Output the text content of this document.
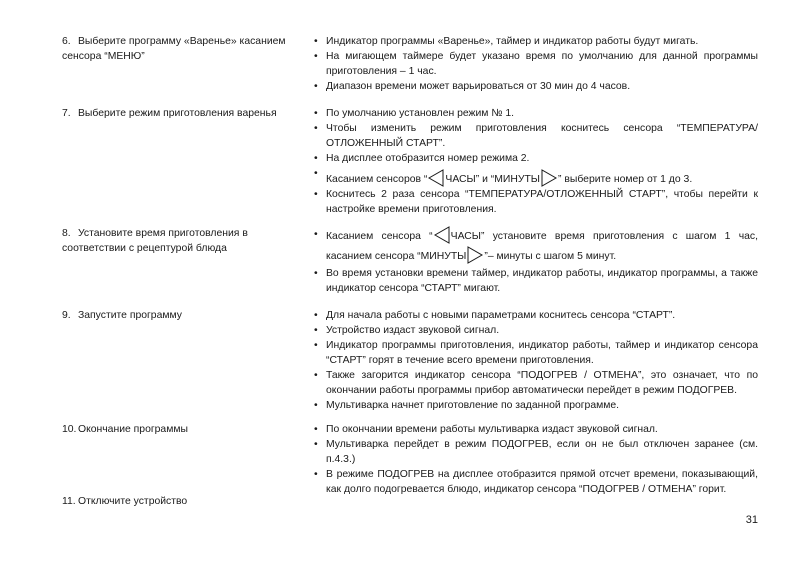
6. Выберите программу «Варенье» касанием сенсора “МЕНЮ”
• Индикатор программы «Варенье», таймер и индикатор работы будут мигать.
• На мигающем таймере будет указано время по умолчанию для данной программы приготовления – 1 час.
• Диапазон времени может варьироваться от 30 мин до 4 часов.
7. Выберите режим приготовления варенья	• По умолчанию установлен режим № 1.
• Чтобы изменить режим приготовления коснитесь сенсора “ТЕМПЕРАТУРА/ОТЛОЖЕННЫЙ СТАРТ”.
• На дисплее отобразится номер режима 2.
• Касанием сенсоров “ ЧАСЫ” и “МИНУТЫ ” выберите номер от 1 до 3.
• Коснитесь 2 раза сенсора “ТЕМПЕРАТУРА/ОТЛОЖЕННЫЙ СТАРТ”, чтобы перейти к настройке времени приготовления.
8. Установите время приготовления в соответствии с рецептурой блюда
• Касанием сенсора “ ЧАСЫ” установите время приготовления с шагом 1 час, касанием сенсора “МИНУТЫ ”– минуты с шагом 5 минут.
• Во время установки времени таймер, индикатор работы, индикатор программы, а также индикатор сенсора “СТАРТ” мигают.
9. Запустите программу	• Для начала работы с новыми параметрами коснитесь сенсора “СТАРТ”.
• Устройство издаст звуковой сигнал.
• Индикатор программы приготовления, индикатор работы, таймер и индикатор сенсора “СТАРТ” горят в течение всего времени приготовления.
• Также загорится индикатор сенсора “ПОДОГРЕВ / ОТМЕНА”, это означает, что по окончании работы программы прибор автоматически перейдет в режим ПОДОГРЕВ.
• Мультиварка начнет приготовление по заданной программе.
10. Окончание программы	• По окончании времени работы мультиварка издаст звуковой сигнал.
• Мультиварка перейдет в режим ПОДОГРЕВ, если он не был отключен заранее (см. п.4.3.)
• В режиме ПОДОГРЕВ на дисплее отобразится прямой отсчет времени, показывающий, как долго подогревается блюдо, индикатор сенсора “ПОДОГРЕВ / ОТМЕНА” горит.
11. Отключите устройство
31
